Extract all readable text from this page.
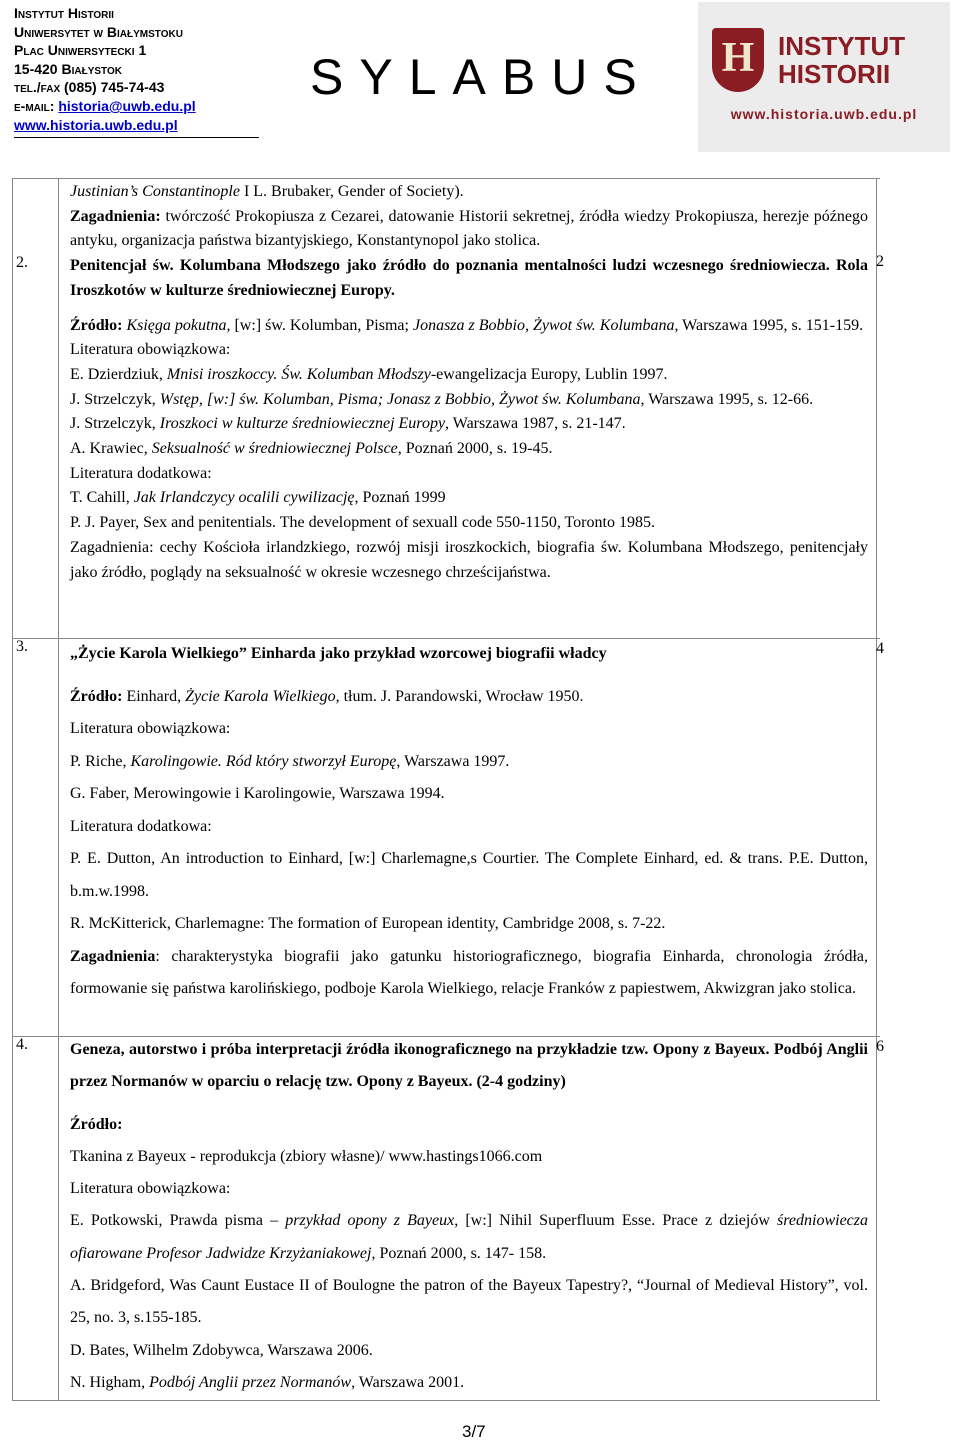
Instytut Historii
Uniwersytet w Białymstoku
Plac Uniwersytecki 1
15-420 Białystok
tel./fax (085) 745-74-43
e-mail: historia@uwb.edu.pl
www.historia.uwb.edu.pl
SYLABUS H INSTYTUT
HISTORII
www.historia.uwb.edu.pl
2.
3.
4.
2
4
6

Justinian’s Constantinople I L. Brubaker, Gender of Society).

Zagadnienia: twórczość Prokopiusza z Cezarei, datowanie Historii sekretnej, źródła wiedzy Prokopiusza, herezje późnego antyku, organizacja państwa bizantyjskiego, Konstantynopol jako stolica.

Penitencjał św. Kolumbana Młodszego jako źródło do poznania mentalności ludzi wczesnego średniowiecza. Rola Iroszkotów w kulturze średniowiecznej Europy.

Źródło: Księga pokutna, [w:] św. Kolumban, Pisma; Jonasza z Bobbio, Żywot św. Kolumbana, Warszawa 1995, s. 151-159.

Literatura obowiązkowa:

E. Dzierdziuk, Mnisi iroszkoccy. Św. Kolumban Młodszy-ewangelizacja Europy, Lublin 1997.

J. Strzelczyk, Wstęp, [w:] św. Kolumban, Pisma; Jonasz z Bobbio, Żywot św. Kolumbana, Warszawa 1995, s. 12-66.

J. Strzelczyk, Iroszkoci w kulturze średniowiecznej Europy, Warszawa 1987, s. 21-147.

A. Krawiec, Seksualność w średniowiecznej Polsce, Poznań 2000, s. 19-45.

Literatura dodatkowa:

T. Cahill, Jak Irlandczycy ocalili cywilizację, Poznań 1999

P. J. Payer, Sex and penitentials. The development of sexuall code 550-1150, Toronto 1985.

Zagadnienia: cechy Kościoła irlandzkiego, rozwój misji iroszkockich, biografia św. Kolumbana Młodszego, penitencjały jako źródło, poglądy na seksualność w okresie wczesnego chrześcijaństwa.

„Życie Karola Wielkiego” Einharda jako przykład wzorcowej biografii władcy

Źródło: Einhard, Życie Karola Wielkiego, tłum. J. Parandowski, Wrocław 1950.

Literatura obowiązkowa:

P. Riche, Karolingowie. Ród który stworzył Europę, Warszawa 1997.

G. Faber, Merowingowie i Karolingowie, Warszawa 1994.

Literatura dodatkowa:

P. E. Dutton, An introduction to Einhard, [w:] Charlemagne,s Courtier. The Complete Einhard, ed. & trans. P.E. Dutton, b.m.w.1998.

R. McKitterick, Charlemagne: The formation of European identity, Cambridge 2008, s. 7-22.

Zagadnienia: charakterystyka biografii jako gatunku historiograficznego, biografia Einharda, chronologia źródła, formowanie się państwa karolińskiego, podboje Karola Wielkiego, relacje Franków z papiestwem, Akwizgran jako stolica.

Geneza, autorstwo i próba interpretacji źródła ikonograficznego na przykładzie tzw. Opony z Bayeux. Podbój Anglii przez Normanów w oparciu o relację tzw. Opony z Bayeux. (2-4 godziny)

Źródło:

Tkanina z Bayeux - reprodukcja (zbiory własne)/ www.hastings1066.com

Literatura obowiązkowa:

E. Potkowski, Prawda pisma – przykład opony z Bayeux, [w:] Nihil Superfluum Esse. Prace z dziejów średniowiecza ofiarowane Profesor Jadwidze Krzyżaniakowej, Poznań 2000, s. 147- 158.

A. Bridgeford, Was Caunt Eustace II of Boulogne the patron of the Bayeux Tapestry?, “Journal of Medieval History”, vol. 25, no. 3, s.155-185.

D. Bates, Wilhelm Zdobywca, Warszawa 2006.

N. Higham, Podbój Anglii przez Normanów, Warszawa 2001.

3/7
